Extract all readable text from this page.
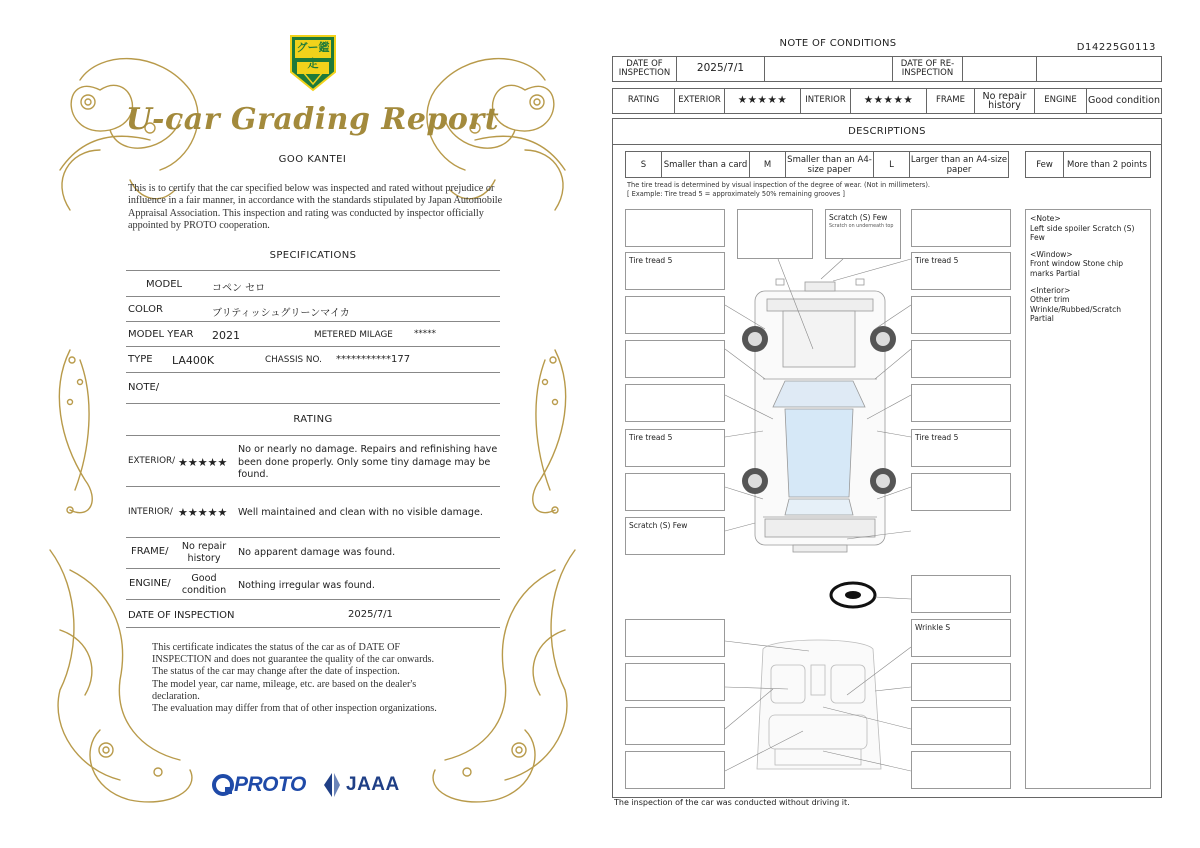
グー鑑定
U-car Grading Report
GOO KANTEI
This is to certify that the car specified below was inspected and rated without prejudice or influence in a fair manner, in accordance with the standards stipulated by Japan Automobile Appraisal Association. This inspection and rating was conducted by inspector officially appointed by PROTO cooperation.
SPECIFICATIONS
MODEL	コペン セロ
COLOR	ブリティッシュグリーンマイカ
MODEL YEAR 2021	METERED MILAGE *****
TYPE LA400K	CHASSIS NO. ***********177
NOTE/
RATING
EXTERIOR/ ★★★★★
No or nearly no damage. Repairs and refinishing have been done properly. Only some tiny damage may be found.
INTERIOR/ ★★★★★ Well maintained and clean with no visible damage.
FRAME/	No repair history
No apparent damage was found.
ENGINE/	Good condition	Nothing irregular was found.
DATE OF INSPECTION	2025/7/1
This certificate indicates the status of the car as of DATE OF
INSPECTION and does not guarantee the quality of the car onwards.
The status of the car may change after the date of inspection.
The model year, car name, mileage, etc. are based on the dealer's
declaration.
The evaluation may differ from that of other inspection organizations.
PROTO JAAA
NOTE OF CONDITIONS	D14225G0113
DATE OF INSPECTION	2025/7/1	DATE OF RE-INSPECTION
RATING	EXTERIOR	★★★★★	INTERIOR	★★★★★	FRAME	No repair history	ENGINE	Good condition
DESCRIPTIONS
S	Smaller than a card	M	Smaller than an A4-size paper	L	Larger than an A4-size paper	Few	More than 2 points
The tire tread is determined by visual inspection of the degree of wear. (Not in millimeters).
[ Example: Tire tread 5 = approximately 50% remaining grooves ]
Tire tread 5
Tire tread 5
Scratch (S) Few
Scratch (S) Few
Scratch on underneath top
Tire tread 5
Tire tread 5
Wrinkle S

<Note>
Left side spoiler Scratch (S) Few

<Window>
Front window Stone chip marks Partial

<Interior>
Other trim Wrinkle/Rubbed/Scratch Partial

The inspection of the car was conducted without driving it.
